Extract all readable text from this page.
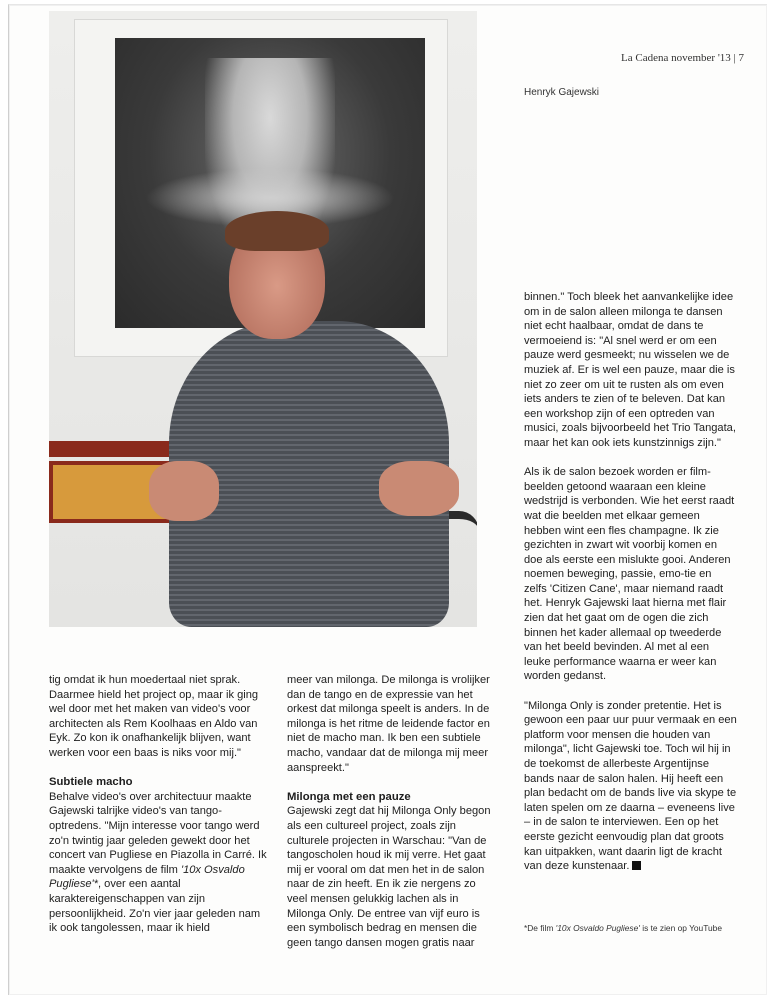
La Cadena november '13 | 7
Henryk Gajewski

tig omdat ik hun moedertaal niet sprak. Daarmee hield het project op, maar ik ging wel door met het maken van video's voor architecten als Rem Koolhaas en Aldo van Eyk. Zo kon ik onafhankelijk blijven, want werken voor een baas is niks voor mij."

Subtiele macho

Behalve video's over architectuur maakte Gajewski talrijke video's van tango-optredens. "Mijn interesse voor tango werd zo'n twintig jaar geleden gewekt door het concert van Pugliese en Piazolla in Carré. Ik maakte vervolgens de film '10x Osvaldo Pugliese'*, over een aantal karaktereigenschappen van zijn persoonlijkheid. Zo'n vier jaar geleden nam ik ook tangolessen, maar ik hield

meer van milonga. De milonga is vrolijker dan de tango en de expressie van het orkest dat milonga speelt is anders. In de milonga is het ritme de leidende factor en niet de macho man. Ik ben een subtiele macho, vandaar dat de milonga mij meer aanspreekt."

Milonga met een pauze

Gajewski zegt dat hij Milonga Only begon als een cultureel project, zoals zijn culturele projecten in Warschau: "Van de tangoscholen houd ik mij verre. Het gaat mij er vooral om dat men het in de salon naar de zin heeft. En ik zie nergens zo veel mensen gelukkig lachen als in Milonga Only. De entree van vijf euro is een symbolisch bedrag en mensen die geen tango dansen mogen gratis naar

binnen." Toch bleek het aanvankelijke idee om in de salon alleen milonga te dansen niet echt haalbaar, omdat de dans te vermoeiend is: "Al snel werd er om een pauze werd gesmeekt; nu wisselen we de muziek af. Er is wel een pauze, maar die is niet zo zeer om uit te rusten als om even iets anders te zien of te beleven. Dat kan een workshop zijn of een optreden van musici, zoals bijvoorbeeld het Trio Tangata, maar het kan ook iets kunstzinnigs zijn."

Als ik de salon bezoek worden er film-beelden getoond waaraan een kleine wedstrijd is verbonden. Wie het eerst raadt wat die beelden met elkaar gemeen hebben wint een fles champagne. Ik zie gezichten in zwart wit voorbij komen en doe als eerste een mislukte gooi. Anderen noemen beweging, passie, emo-tie en zelfs 'Citizen Cane', maar niemand raadt het. Henryk Gajewski laat hierna met flair zien dat het gaat om de ogen die zich binnen het kader allemaal op tweederde van het beeld bevinden. Al met al een leuke performance waarna er weer kan worden gedanst.

"Milonga Only is zonder pretentie. Het is gewoon een paar uur puur vermaak en een platform voor mensen die houden van milonga", licht Gajewski toe. Toch wil hij in de toekomst de allerbeste Argentijnse bands naar de salon halen. Hij heeft een plan bedacht om de bands live via skype te laten spelen om ze daarna – eveneens live – in de salon te interviewen. Een op het eerste gezicht eenvoudig plan dat groots kan uitpakken, want daarin ligt de kracht van deze kunstenaar.

*De film '10x Osvaldo Pugliese' is te zien op YouTube
